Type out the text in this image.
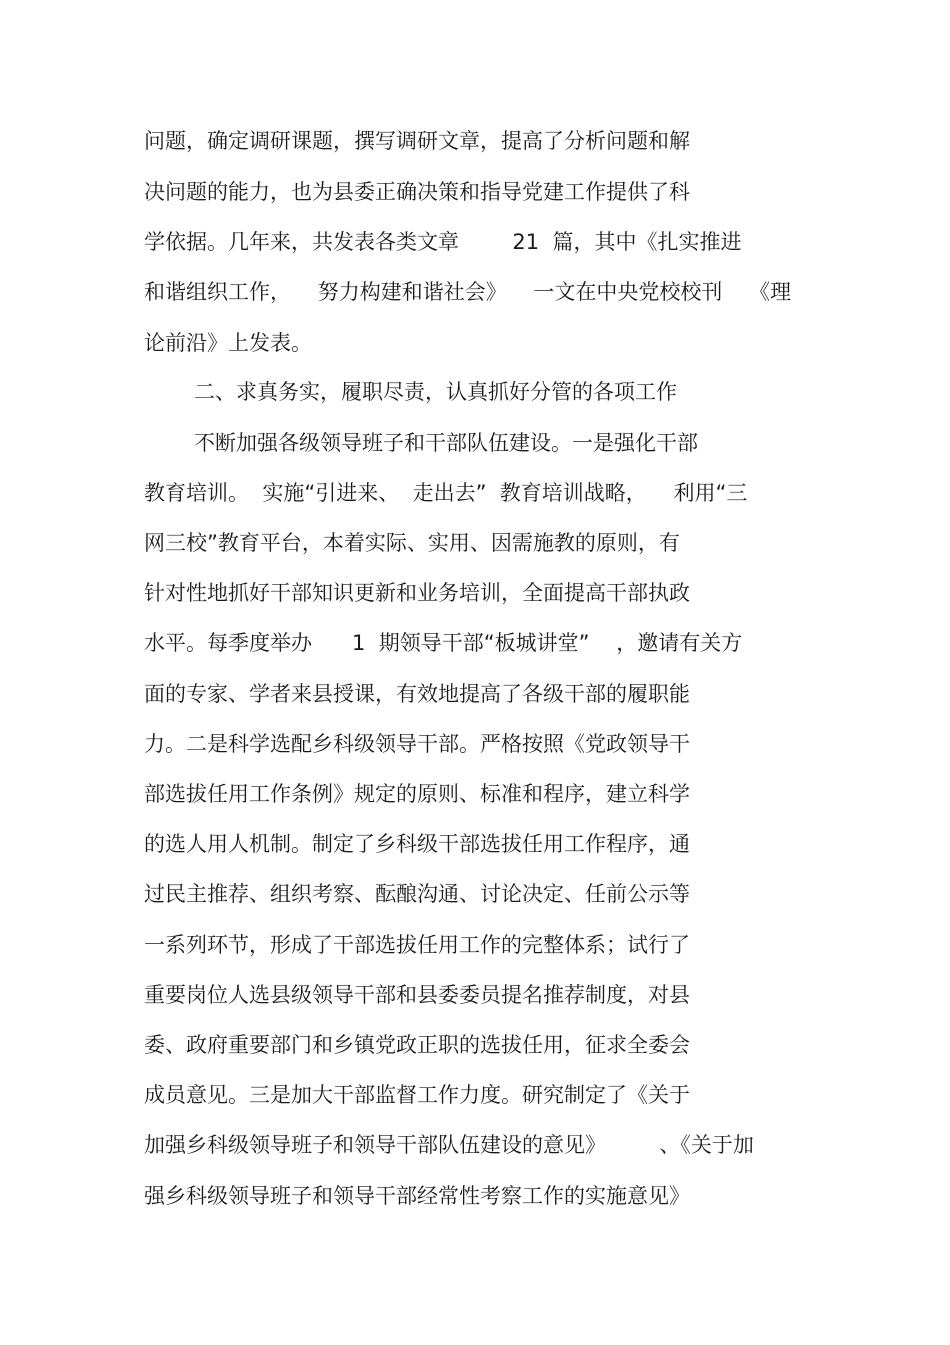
问题，确定调研课题，撰写调研文章，提高了分析问题和解
决问题的能力，也为县委正确决策和指导党建工作提供了科
学依据。几年来，共发表各类文章        21  篇，其中《扎实推进
和谐组织工作，    努力构建和谐社会》    一文在中央党校校刊    《理
论前沿》上发表。
二、求真务实，履职尽责，认真抓好分管的各项工作
不断加强各级领导班子和干部队伍建设。一是强化干部
教育培训。  实施“引进来、  走出去”  教育培训战略，    利用“三
网三校”教育平台，本着实际、实用、因需施教的原则，有
针对性地抓好干部知识更新和业务培训，全面提高干部执政
水平。每季度举办      1  期领导干部“板城讲堂”    ，邀请有关方
面的专家、学者来县授课，有效地提高了各级干部的履职能
力。二是科学选配乡科级领导干部。严格按照《党政领导干
部选拔任用工作条例》规定的原则、标准和程序，建立科学
的选人用人机制。制定了乡科级干部选拔任用工作程序，通
过民主推荐、组织考察、酝酿沟通、讨论决定、任前公示等
一系列环节，形成了干部选拔任用工作的完整体系；试行了
重要岗位人选县级领导干部和县委委员提名推荐制度，对县
委、政府重要部门和乡镇党政正职的选拔任用，征求全委会
成员意见。三是加大干部监督工作力度。研究制定了《关于
加强乡科级领导班子和领导干部队伍建设的意见》        、《关于加
强乡科级领导班子和领导干部经常性考察工作的实施意见》
